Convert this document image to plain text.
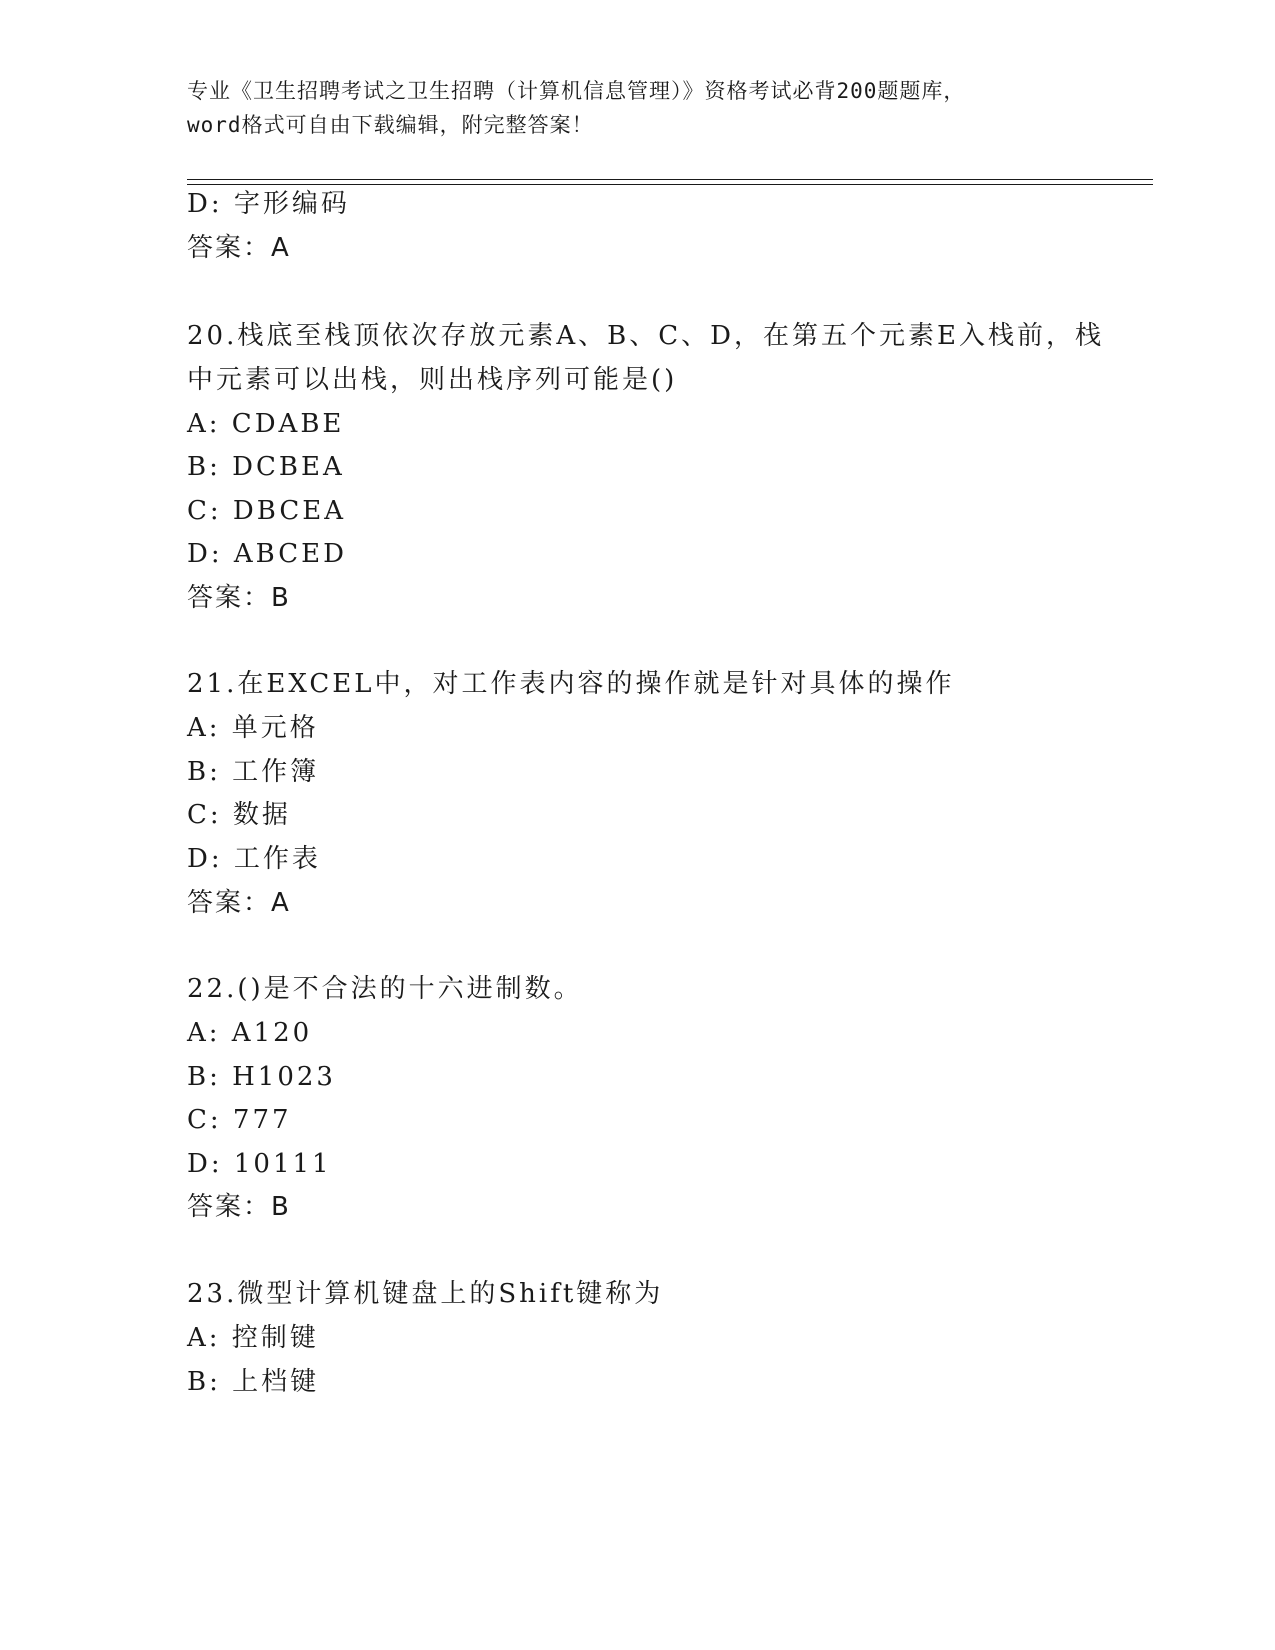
专业《卫生招聘考试之卫生招聘（计算机信息管理）》资格考试必背200题题库，
word格式可自由下载编辑，附完整答案！
D: 字形编码
答案：A
20.栈底至栈顶依次存放元素A、B、C、D，在第五个元素E入栈前，栈
中元素可以出栈，则出栈序列可能是()
A: CDABE
B: DCBEA
C: DBCEA
D: ABCED
答案：B
21.在EXCEL中，对工作表内容的操作就是针对具体的操作
A: 单元格
B: 工作簿
C: 数据
D: 工作表
答案：A
22.()是不合法的十六进制数。
A: A120
B: H1023
C: 777
D: 10111
答案：B
23.微型计算机键盘上的Shift键称为
A: 控制键
B: 上档键
